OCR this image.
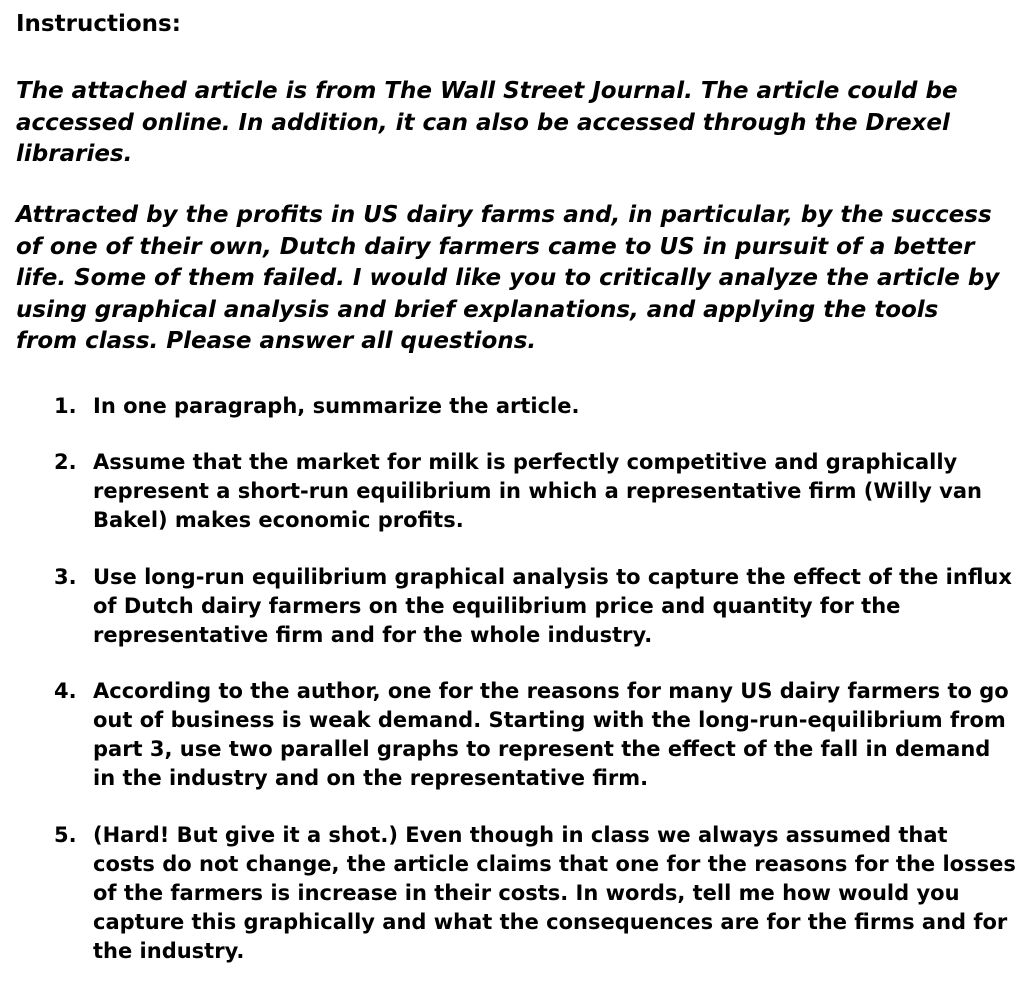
Instructions:

The attached article is from The Wall Street Journal. The article could be accessed online. In addition, it can also be accessed through the Drexel libraries.

Attracted by the profits in US dairy farms and, in particular, by the success of one of their own, Dutch dairy farmers came to US in pursuit of a better life. Some of them failed. I would like you to critically analyze the article by using graphical analysis and brief explanations, and applying the tools from class. Please answer all questions.

1. In one paragraph, summarize the article.
2. Assume that the market for milk is perfectly competitive and graphically represent a short-run equilibrium in which a representative firm (Willy van Bakel) makes economic profits.
3. Use long-run equilibrium graphical analysis to capture the effect of the influx of Dutch dairy farmers on the equilibrium price and quantity for the representative firm and for the whole industry.
4. According to the author, one for the reasons for many US dairy farmers to go out of business is weak demand. Starting with the long-run-equilibrium from part 3, use two parallel graphs to represent the effect of the fall in demand in the industry and on the representative firm.
5. (Hard! But give it a shot.) Even though in class we always assumed that costs do not change, the article claims that one for the reasons for the losses of the farmers is increase in their costs. In words, tell me how would you capture this graphically and what the consequences are for the firms and for the industry.
